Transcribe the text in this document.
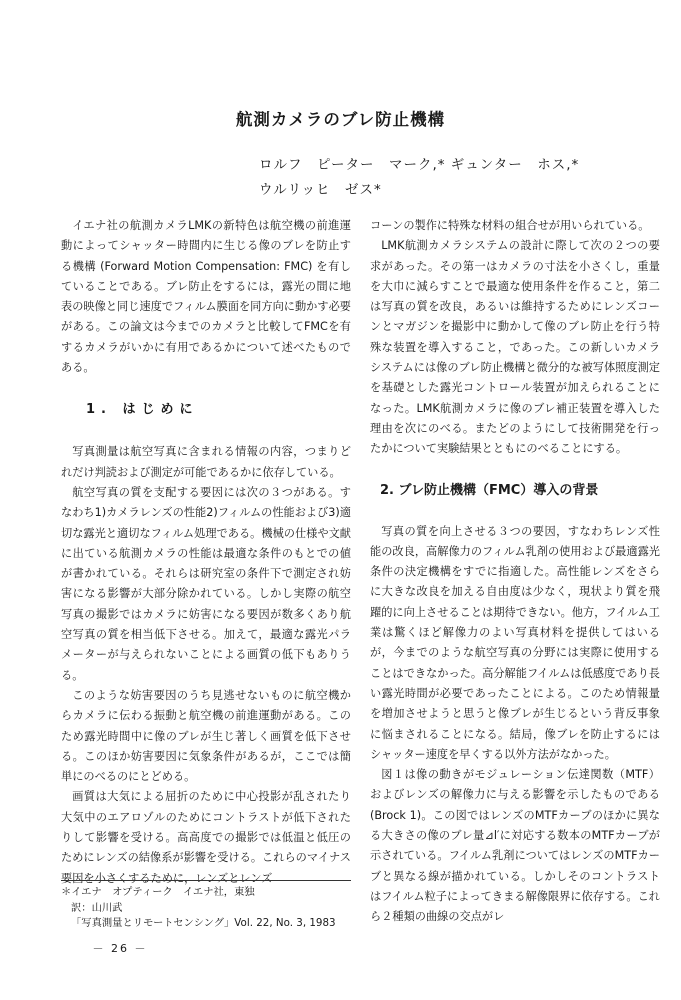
航測カメラのブレ防止機構
ロルフ　ピーター　マーク,* ギュンター　ホス,*
ウルリッヒ　ゼス*

イエナ社の航測カメラLMKの新特色は航空機の前進運動によってシャッター時間内に生じる像のブレを防止する機構 (Forward Motion Compensation: FMC) を有していることである。ブレ防止をするには，露光の間に地表の映像と同じ速度でフィルム膜面を同方向に動かす必要がある。この論文は今までのカメラと比較してFMCを有するカメラがいかに有用であるかについて述べたものである。

1. はじめに

写真測量は航空写真に含まれる情報の内容，つまりどれだけ判読および測定が可能であるかに依存している。

航空写真の質を支配する要因には次の３つがある。すなわち1)カメラレンズの性能2)フィルムの性能および3)適切な露光と適切なフィルム処理である。機械の仕様や文献に出ている航測カメラの性能は最適な条件のもとでの値が書かれている。それらは研究室の条件下で測定され妨害になる影響が大部分除かれている。しかし実際の航空写真の撮影ではカメラに妨害になる要因が数多くあり航空写真の質を相当低下させる。加えて，最適な露光パラメーターが与えられないことによる画質の低下もありうる。

このような妨害要因のうち見逃せないものに航空機からカメラに伝わる振動と航空機の前進運動がある。このため露光時間中に像のブレが生じ著しく画質を低下させる。このほか妨害要因に気象条件があるが，ここでは簡単にのべるのにとどめる。

画質は大気による屈折のために中心投影が乱されたり大気中のエアロゾルのためにコントラストが低下されたりして影響を受ける。高高度での撮影では低温と低圧のためにレンズの結像系が影響を受ける。これらのマイナス要因を小さくするために，レンズとレンズ

コーンの製作に特殊な材料の組合せが用いられている。

LMK航測カメラシステムの設計に際して次の２つの要求があった。その第一はカメラの寸法を小さくし，重量を大巾に減らすことで最適な使用条件を作ること，第二は写真の質を改良，あるいは維持するためにレンズコーンとマガジンを撮影中に動かして像のブレ防止を行う特殊な装置を導入すること，であった。この新しいカメラシステムには像のブレ防止機構と微分的な被写体照度測定を基礎とした露光コントロール装置が加えられることになった。LMK航測カメラに像のブレ補正装置を導入した理由を次にのべる。またどのようにして技術開発を行ったかについて実験結果とともにのべることにする。

2. ブレ防止機構（FMC）導入の背景

写真の質を向上させる３つの要因，すなわちレンズ性能の改良，高解像力のフィルム乳剤の使用および最適露光条件の決定機構をすでに指適した。高性能レンズをさらに大きな改良を加える自由度は少なく，現状より質を飛躍的に向上させることは期待できない。他方，フイルム工業は驚くほど解像力のよい写真材料を提供してはいるが，今までのような航空写真の分野には実際に使用することはできなかった。高分解能フイルムは低感度であり長い露光時間が必要であったことによる。このため情報量を増加させようと思うと像ブレが生じるという背反事象に悩まされることになる。結局，像ブレを防止するにはシャッター速度を早くする以外方法がなかった。

図１は像の動きがモジュレーション伝達関数（MTF）およびレンズの解像力に与える影響を示したものである(Brock 1)。この図ではレンズのMTFカーブのほかに異なる大きさの像のブレ量⊿l′に対応する数本のMTFカーブが示されている。フイルム乳剤についてはレンズのMTFカーブと異なる線が描かれている。しかしそのコントラストはフイルム粒子によってきまる解像限界に依存する。これら２種類の曲線の交点がレ

＊イエナ　オプティーク　イエナ社，東独
訳：山川武
「写真測量とリモートセンシング」Vol. 22, No. 3, 1983
－ 26 －
